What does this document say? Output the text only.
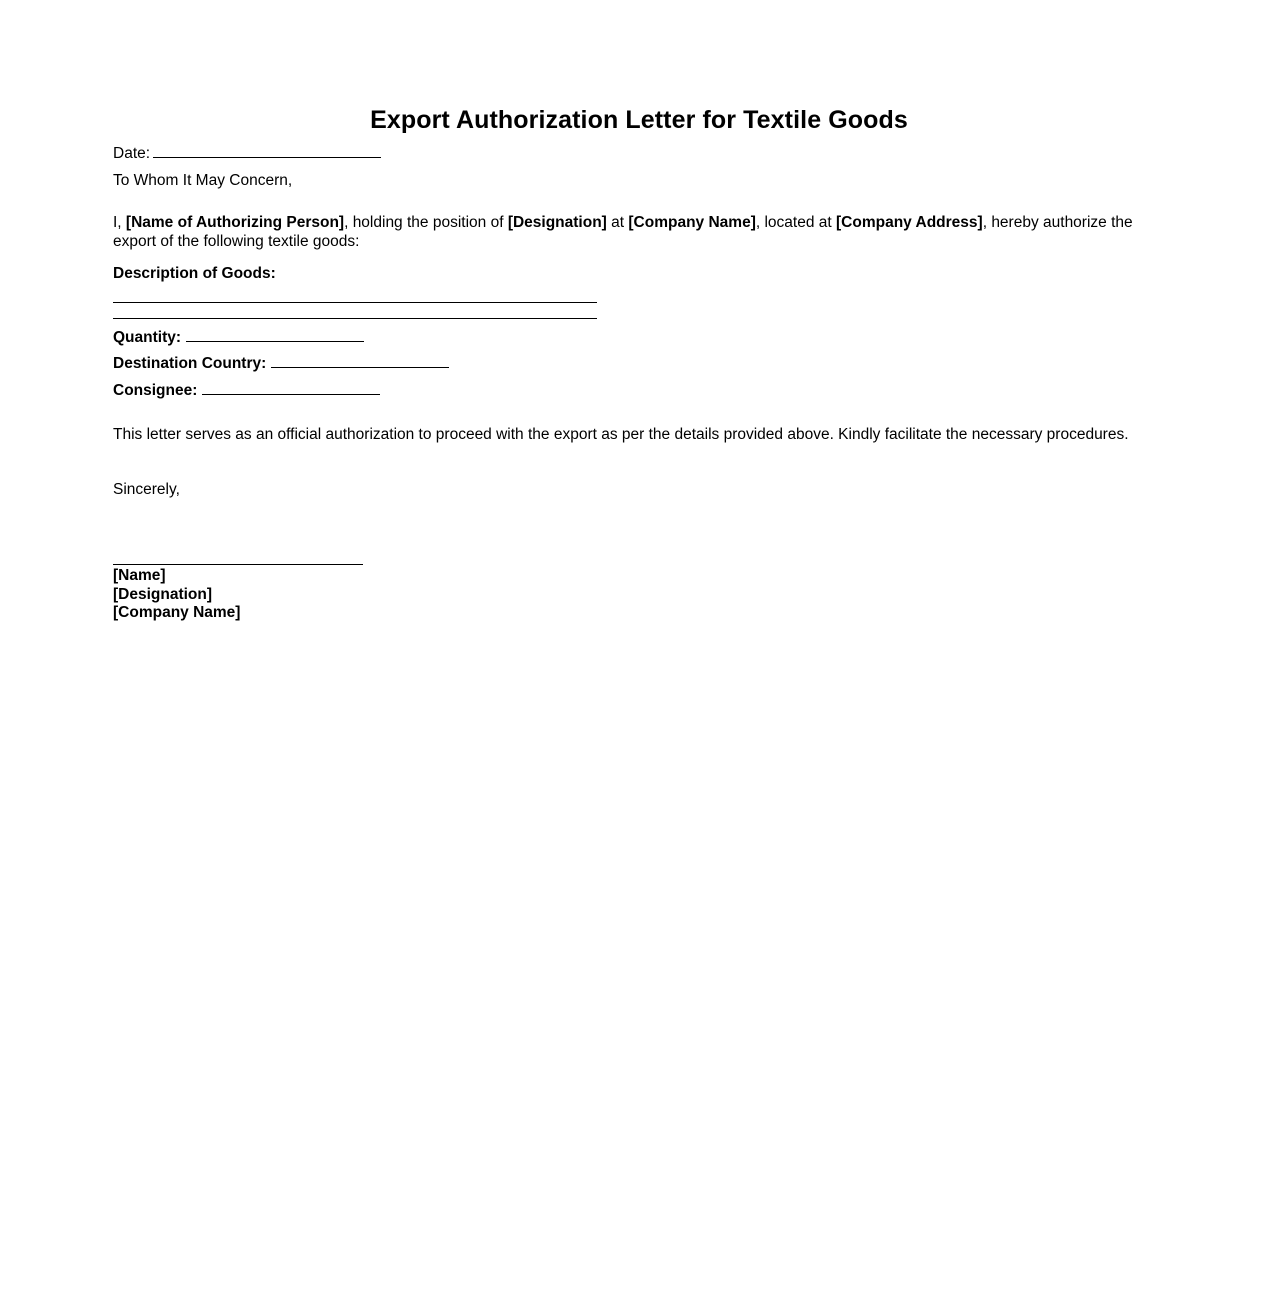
Export Authorization Letter for Textile Goods
Date:
To Whom It May Concern,
I, [Name of Authorizing Person], holding the position of [Designation] at [Company Name], located at [Company Address], hereby authorize the export of the following textile goods:
Description of Goods:
Quantity:
Destination Country:
Consignee:
This letter serves as an official authorization to proceed with the export as per the details provided above. Kindly facilitate the necessary procedures.
Sincerely,
[Name]
[Designation]
[Company Name]
